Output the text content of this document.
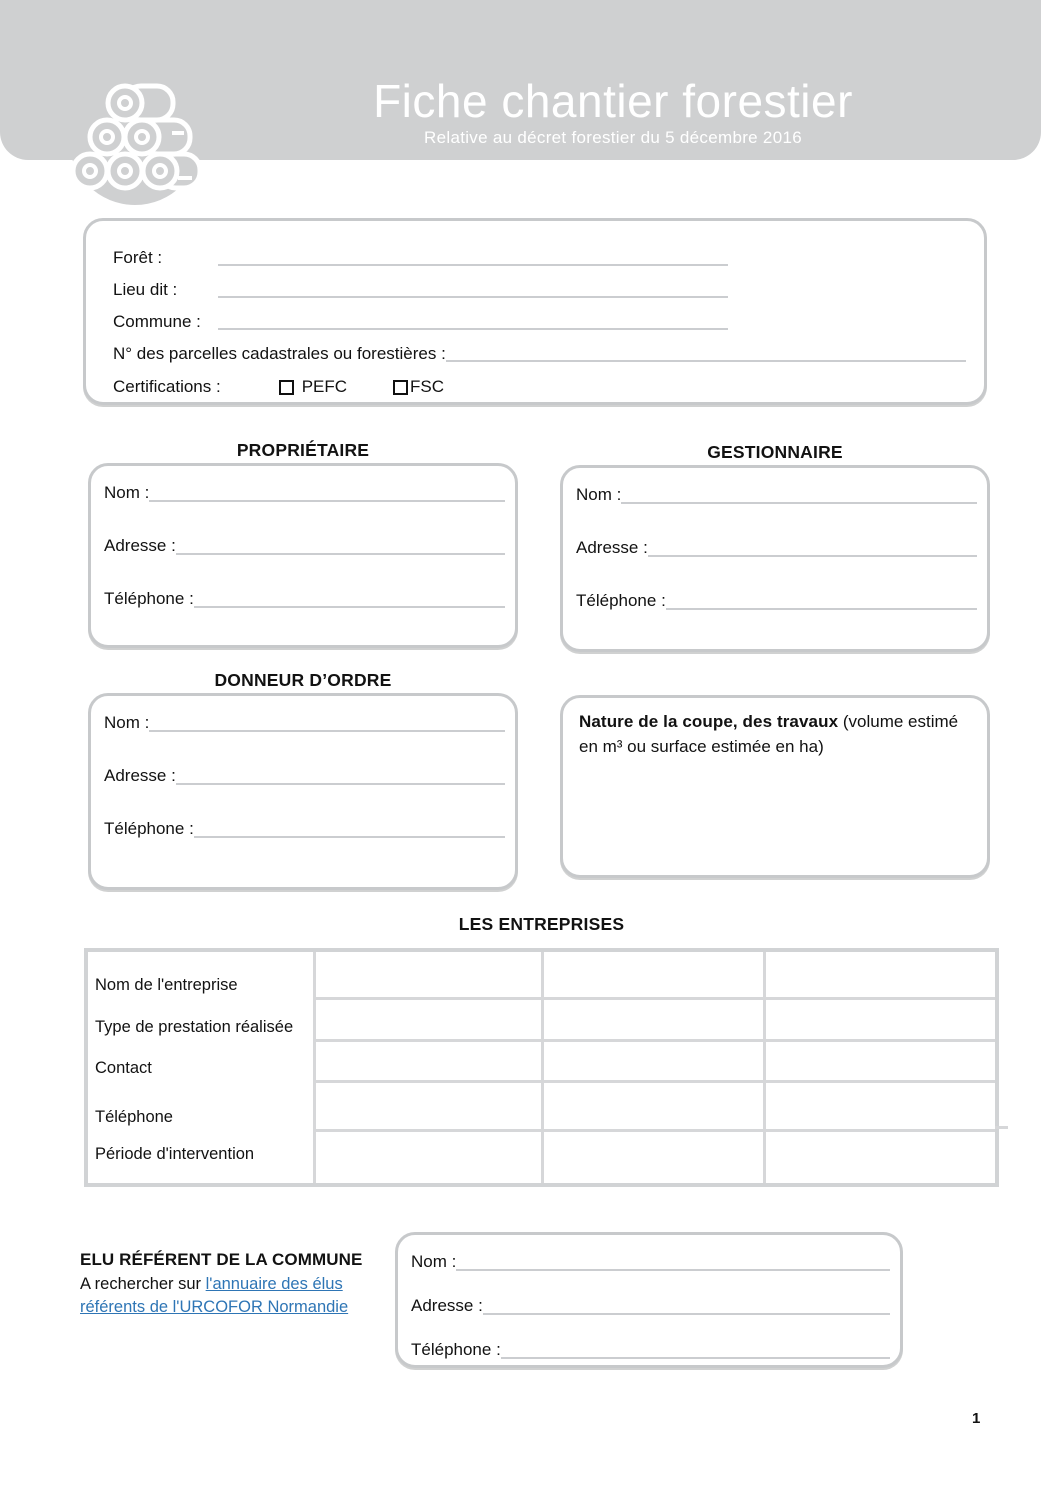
Fiche chantier forestier
Relative au décret forestier du 5 décembre 2016
Forêt :
Lieu dit :
Commune :
N° des parcelles cadastrales ou forestières :
Certifications :	PEFC	FSC
PROPRIÉTAIRE
Nom :
Adresse :
Téléphone :
GESTIONNAIRE
Nom :
Adresse :
Téléphone :
DONNEUR D’ORDRE
Nom :
Adresse :
Téléphone :
Nature de la coupe, des travaux (volume estimé en m³ ou surface estimée en ha)
LES ENTREPRISES
Nom de l'entreprise
Type de prestation réalisée
Contact
Téléphone
Période d'intervention
ELU RÉFÉRENT DE LA COMMUNE
A rechercher sur l'annuaire des élus référents de l'URCOFOR Normandie
Nom :
Adresse :
Téléphone :
1
